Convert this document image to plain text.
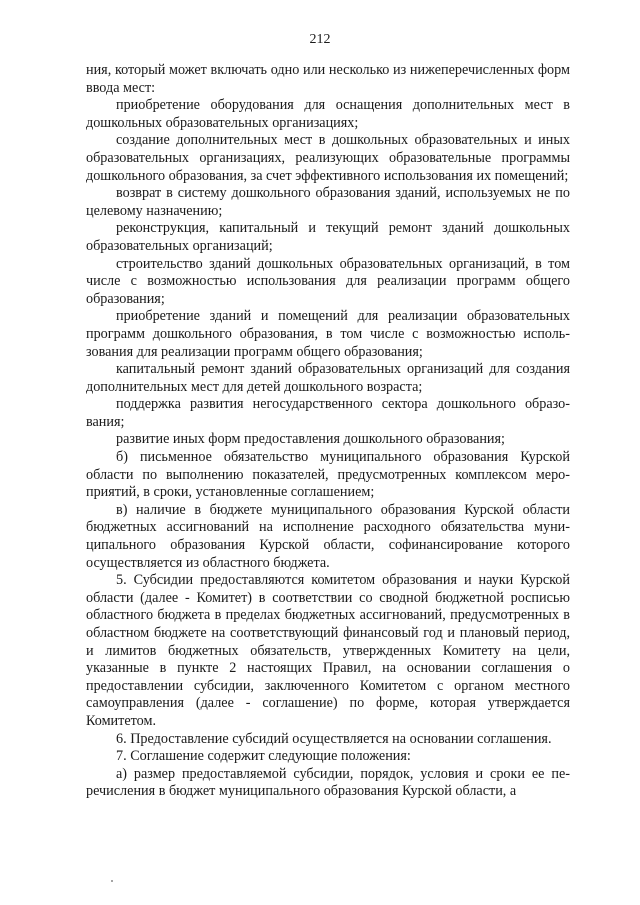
212

ния, который может включать одно или несколько из нижеперечисленных форм ввода мест:

приобретение оборудования для оснащения дополнительных мест в дошкольных образовательных организациях;

создание дополнительных мест в дошкольных образовательных и иных образовательных организациях, реализующих образовательные программы дошкольного образования, за счет эффективного использования их помещений;

возврат в систему дошкольного образования зданий, используемых не по целевому назначению;

реконструкция, капитальный и текущий ремонт зданий дошкольных образовательных организаций;

строительство зданий дошкольных образовательных организаций, в том числе с возможностью использования для реализации программ общего образования;

приобретение зданий и помещений для реализации образовательных программ дошкольного образования, в том числе с возможностью использования для реализации программ общего образования;

капитальный ремонт зданий образовательных организаций для создания дополнительных мест для детей дошкольного возраста;

поддержка развития негосударственного сектора дошкольного образования;

развитие иных форм предоставления дошкольного образования;

б) письменное обязательство муниципального образования Курской области по выполнению показателей, предусмотренных комплексом мероприятий, в сроки, установленные соглашением;

в) наличие в бюджете муниципального образования Курской области бюджетных ассигнований на исполнение расходного обязательства муниципального образования Курской области, софинансирование которого осуществляется из областного бюджета.

5. Субсидии предоставляются комитетом образования и науки Курской области (далее - Комитет) в соответствии со сводной бюджетной росписью областного бюджета в пределах бюджетных ассигнований, предусмотренных в областном бюджете на соответствующий финансовый год и плановый период, и лимитов бюджетных обязательств, утвержденных Комитету на цели, указанные в пункте 2 настоящих Правил, на основании соглашения о предоставлении субсидии, заключенного Комитетом с органом местного самоуправления (далее - соглашение) по форме, которая утверждается Комитетом.

6. Предоставление субсидий осуществляется на основании соглашения.

7. Соглашение содержит следующие положения:

а) размер предоставляемой субсидии, порядок, условия и сроки ее перечисления в бюджет муниципального образования Курской области, а
